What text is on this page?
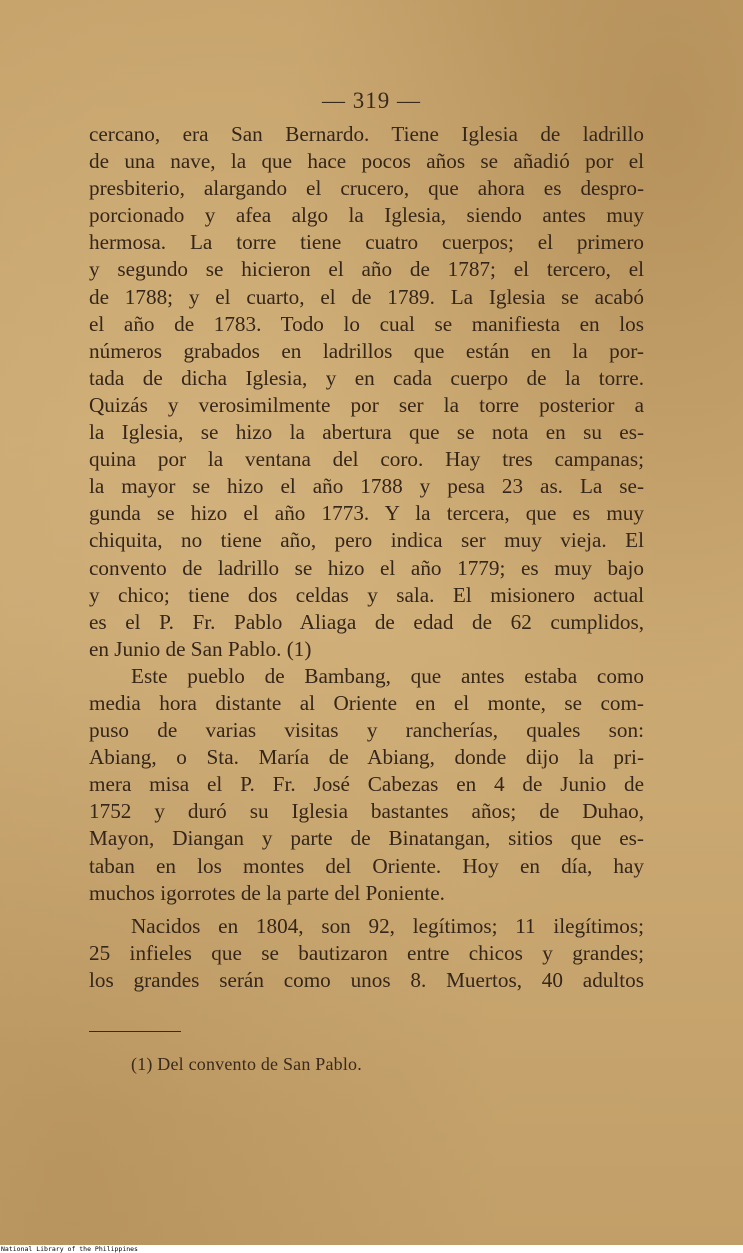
— 319 —

cercano, era San Bernardo. Tiene Iglesia de ladrillo

de una nave, la que hace pocos años se añadió por el

presbiterio, alargando el crucero, que ahora es despro-

porcionado y afea algo la Iglesia, siendo antes muy

hermosa. La torre tiene cuatro cuerpos; el primero

y segundo se hicieron el año de 1787; el tercero, el

de 1788; y el cuarto, el de 1789. La Iglesia se acabó

el año de 1783. Todo lo cual se manifiesta en los

números grabados en ladrillos que están en la por-

tada de dicha Iglesia, y en cada cuerpo de la torre.

Quizás y verosimilmente por ser la torre posterior a

la Iglesia, se hizo la abertura que se nota en su es-

quina por la ventana del coro. Hay tres campanas;

la mayor se hizo el año 1788 y pesa 23 as. La se-

gunda se hizo el año 1773. Y la tercera, que es muy

chiquita, no tiene año, pero indica ser muy vieja. El

convento de ladrillo se hizo el año 1779; es muy bajo

y chico; tiene dos celdas y sala. El misionero actual

es el P. Fr. Pablo Aliaga de edad de 62 cumplidos,

en Junio de San Pablo. (1)

Este pueblo de Bambang, que antes estaba como

media hora distante al Oriente en el monte, se com-

puso de varias visitas y rancherías, quales son:

Abiang, o Sta. María de Abiang, donde dijo la pri-

mera misa el P. Fr. José Cabezas en 4 de Junio de

1752 y duró su Iglesia bastantes años; de Duhao,

Mayon, Diangan y parte de Binatangan, sitios que es-

taban en los montes del Oriente. Hoy en día, hay

muchos igorrotes de la parte del Poniente.

Nacidos en 1804, son 92, legítimos; 11 ilegítimos;

25 infieles que se bautizaron entre chicos y grandes;

los grandes serán como unos 8. Muertos, 40 adultos

(1) Del convento de San Pablo.
National Library of the Philippines
